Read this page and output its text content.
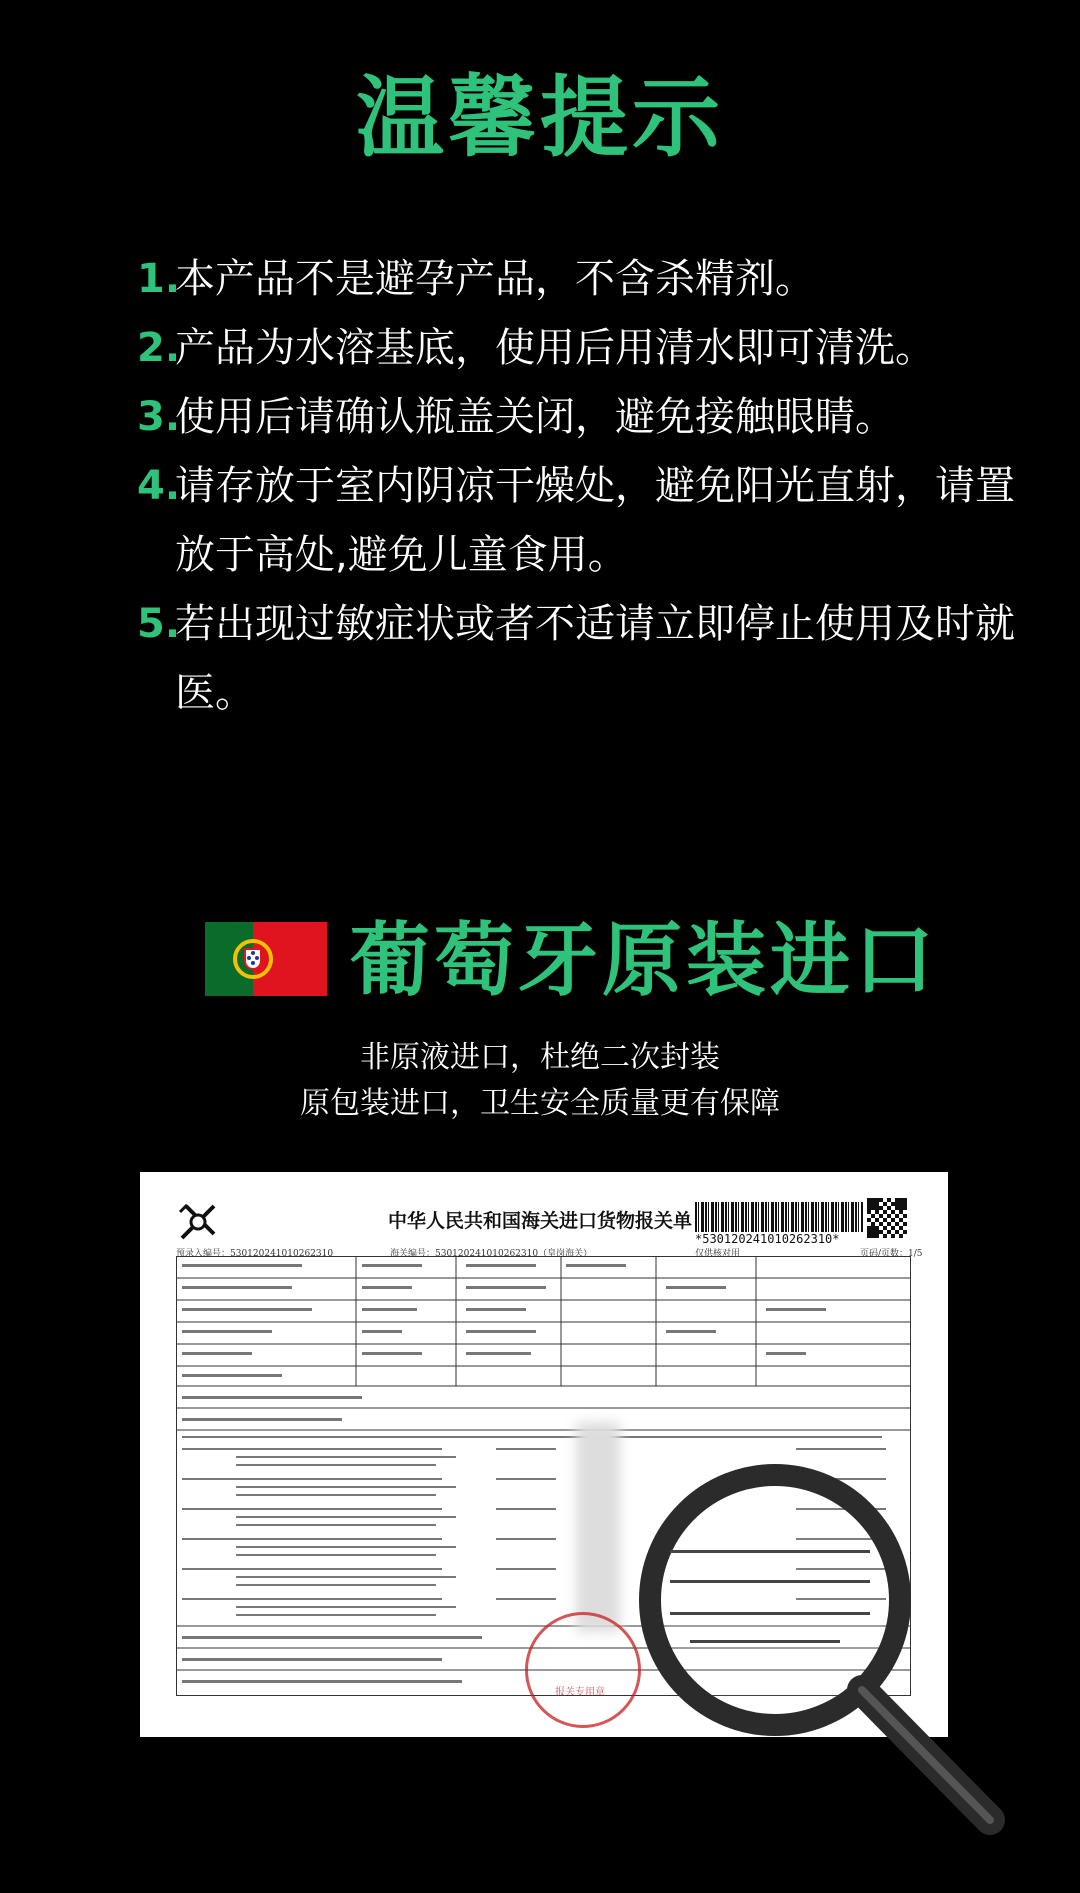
温馨提示
1.
本产品不是避孕产品，不含杀精剂。
2.
产品为水溶基底，使用后用清水即可清洗。
3.
使用后请确认瓶盖关闭，避免接触眼睛。
4.
请存放于室内阴凉干燥处，避免阳光直射，请置放于高处,避免儿童食用。
5.
若出现过敏症状或者不适请立即停止使用及时就医。
葡萄牙原装进口
非原液进口，杜绝二次封装
原包装进口，卫生安全质量更有保障
中华人民共和国海关进口货物报关单
*530120241010262310*
预录入编号：530120241010262310	海关编号：530120241010262310（皇岗海关）	仅供核对用	页码/页数：1/5
报关专用章
